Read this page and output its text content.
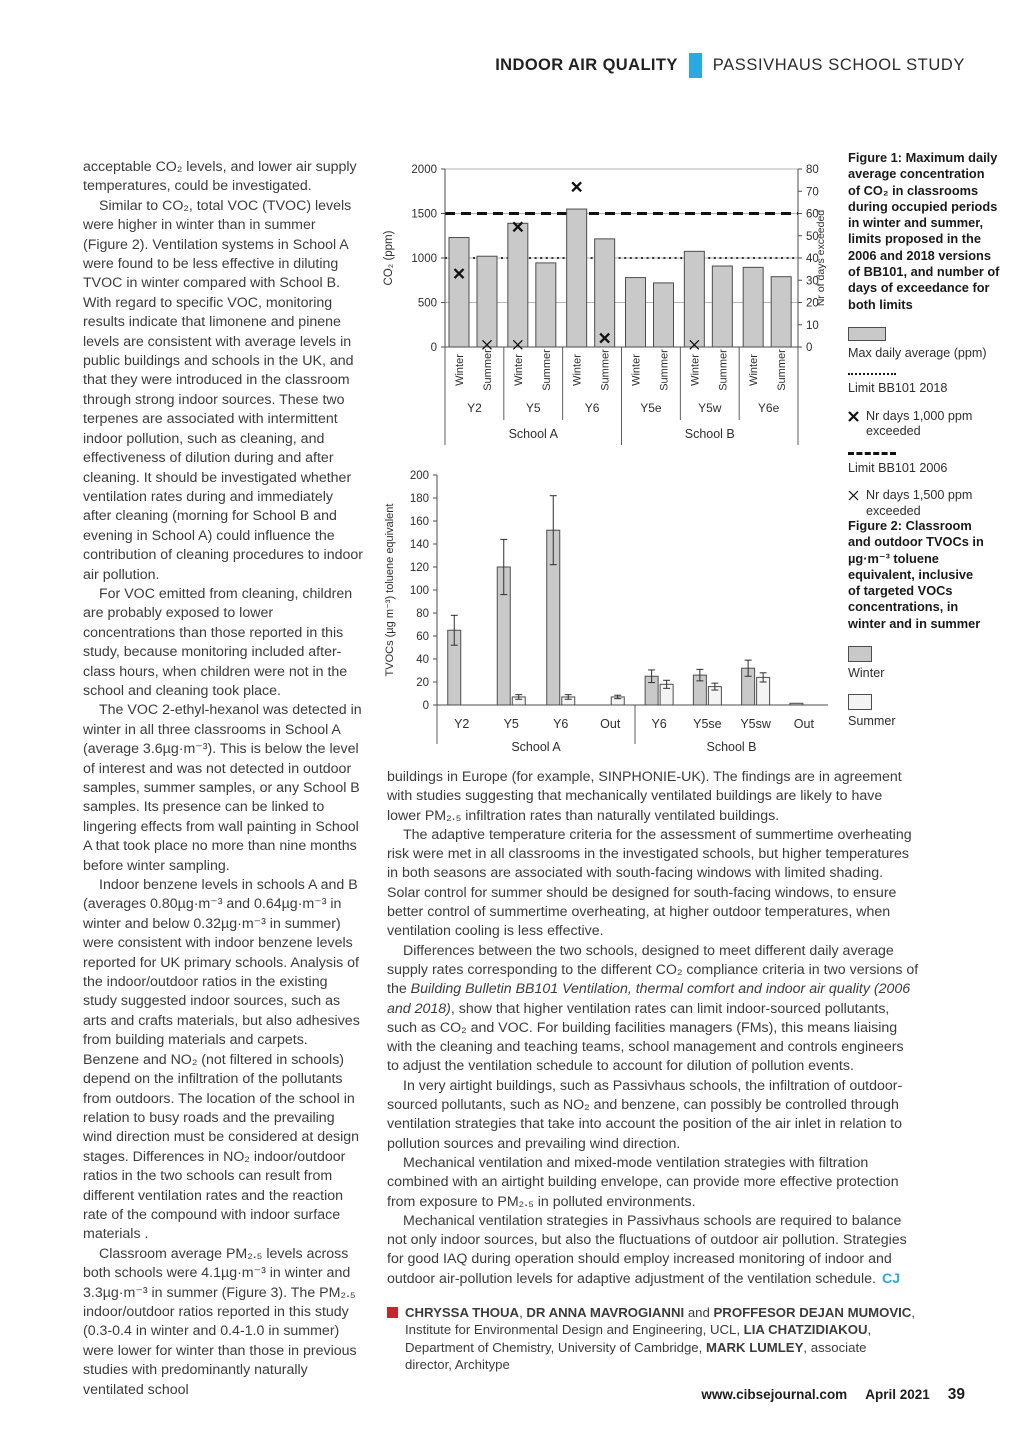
INDOOR AIR QUALITY PASSIVHAUS SCHOOL STUDY

acceptable CO₂ levels, and lower air supply temperatures, could be investigated.

Similar to CO₂, total VOC (TVOC) levels were higher in winter than in summer (Figure 2). Ventilation systems in School A were found to be less effective in diluting TVOC in winter compared with School B. With regard to specific VOC, monitoring results indicate that limonene and pinene levels are consistent with average levels in public buildings and schools in the UK, and that they were introduced in the classroom through strong indoor sources. These two terpenes are associated with intermittent indoor pollution, such as cleaning, and effectiveness of dilution during and after cleaning. It should be investigated whether ventilation rates during and immediately after cleaning (morning for School B and evening in School A) could influence the contribution of cleaning procedures to indoor air pollution.

For VOC emitted from cleaning, children are probably exposed to lower concentrations than those reported in this study, because monitoring included after-class hours, when children were not in the school and cleaning took place.

The VOC 2-ethyl-hexanol was detected in winter in all three classrooms in School A (average 3.6µg·m⁻³). This is below the level of interest and was not detected in outdoor samples, summer samples, or any School B samples. Its presence can be linked to lingering effects from wall painting in School A that took place no more than nine months before winter sampling.

Indoor benzene levels in schools A and B (averages 0.80µg·m⁻³ and 0.64µg·m⁻³ in winter and below 0.32µg·m⁻³ in summer) were consistent with indoor benzene levels reported for UK primary schools. Analysis of the indoor/outdoor ratios in the existing study suggested indoor sources, such as arts and crafts materials, but also adhesives from building materials and carpets. Benzene and NO₂ (not filtered in schools) depend on the infiltration of the pollutants from outdoors. The location of the school in relation to busy roads and the prevailing wind direction must be considered at design stages. Differences in NO₂ indoor/outdoor ratios in the two schools can result from different ventilation rates and the reaction rate of the compound with indoor surface materials .

Classroom average PM₂.₅ levels across both schools were 4.1µg·m⁻³ in winter and 3.3µg·m⁻³ in summer (Figure 3). The PM₂.₅ indoor/outdoor ratios reported in this study (0.3-0.4 in winter and 0.4-1.0 in summer) were lower for winter than those in previous studies with predominantly naturally ventilated school

Winter Summer
Y2
Winter Summer
Y5
Winter Summer
Y6
Winter Summer
Y5e
Winter Summer
Y5w
Winter Summer
Y6e
School A	School B
0
500
1000
1500
2000
0
10
20
30
40
50
60
70
80
CO₂ (ppm)	Nr of days exceeded
Figure 1: Maximum daily average concentration of CO₂ in classrooms during occupied periods in winter and summer, limits proposed in the 2006 and 2018 versions of BB101, and number of days of exceedance for both limits
Max daily average (ppm)
Limit BB101 2018
Nr days 1,000 ppm exceeded
Limit BB101 2006
Nr days 1,500 ppm exceeded
0
20
40
60
80
100
120
140
160
180
200
TVOCs (µg m⁻³) toluene equivalent
Y2	Y5	Y6	Out Y6 Y5se Y5sw Out
School A	School B
Figure 2: Classroom and outdoor TVOCs in µg·m⁻³ toluene equivalent, inclusive of targeted VOCs concentrations, in winter and in summer
Winter
Summer

buildings in Europe (for example, SINPHONIE-UK). The findings are in agreement with studies suggesting that mechanically ventilated buildings are likely to have lower PM₂.₅ infiltration rates than naturally ventilated buildings.

The adaptive temperature criteria for the assessment of summertime overheating risk were met in all classrooms in the investigated schools, but higher temperatures in both seasons are associated with south-facing windows with limited shading. Solar control for summer should be designed for south-facing windows, to ensure better control of summertime overheating, at higher outdoor temperatures, when ventilation cooling is less effective.

Differences between the two schools, designed to meet different daily average supply rates corresponding to the different CO₂ compliance criteria in two versions of the Building Bulletin BB101 Ventilation, thermal comfort and indoor air quality (2006 and 2018), show that higher ventilation rates can limit indoor-sourced pollutants, such as CO₂ and VOC. For building facilities managers (FMs), this means liaising with the cleaning and teaching teams, school management and controls engineers to adjust the ventilation schedule to account for dilution of pollution events.

In very airtight buildings, such as Passivhaus schools, the infiltration of outdoor-sourced pollutants, such as NO₂ and benzene, can possibly be controlled through ventilation strategies that take into account the position of the air inlet in relation to pollution sources and prevailing wind direction.

Mechanical ventilation and mixed-mode ventilation strategies with filtration combined with an airtight building envelope, can provide more effective protection from exposure to PM₂.₅ in polluted environments.

Mechanical ventilation strategies in Passivhaus schools are required to balance not only indoor sources, but also the fluctuations of outdoor air pollution. Strategies for good IAQ during operation should employ increased monitoring of indoor and outdoor air-pollution levels for adaptive adjustment of the ventilation schedule. CJ

CHRYSSA THOUA, DR ANNA MAVROGIANNI and PROFFESOR DEJAN MUMOVIC, Institute for Environmental Design and Engineering, UCL, LIA CHATZIDIAKOU, Department of Chemistry, University of Cambridge, MARK LUMLEY, associate director, Architype
www.cibsejournal.com April 2021 39
